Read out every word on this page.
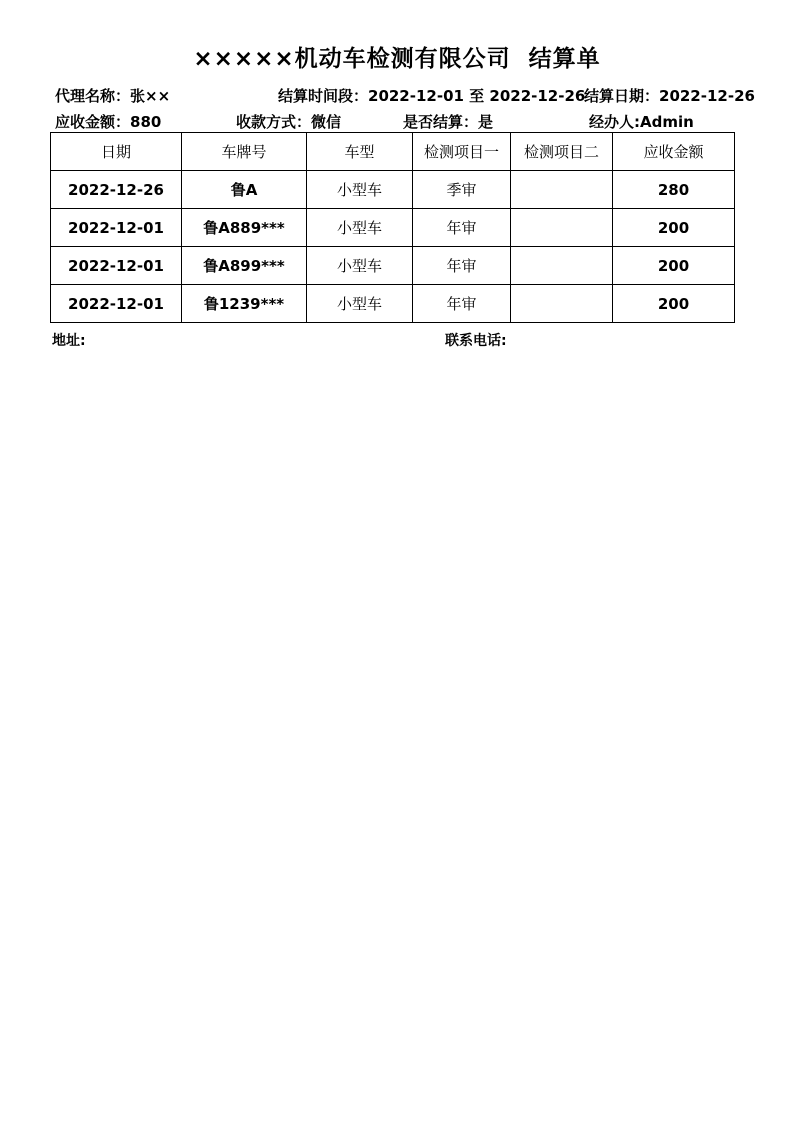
×××××机动车检测有限公司 结算单
代理名称：张××	结算时间段：2022-12-01 至 2022-12-26
结算日期：2022-12-26
应收金额：880	收款方式：微信	是否结算：是	经办人:Admin
日期	车牌号	车型	检测项目一	检测项目二	应收金额
2022-12-26	鲁A	小型车	季审		280
2022-12-01	鲁A889***	小型车	年审		200
2022-12-01	鲁A899***	小型车	年审		200
2022-12-01	鲁1239***	小型车	年审		200
地址:	联系电话:
